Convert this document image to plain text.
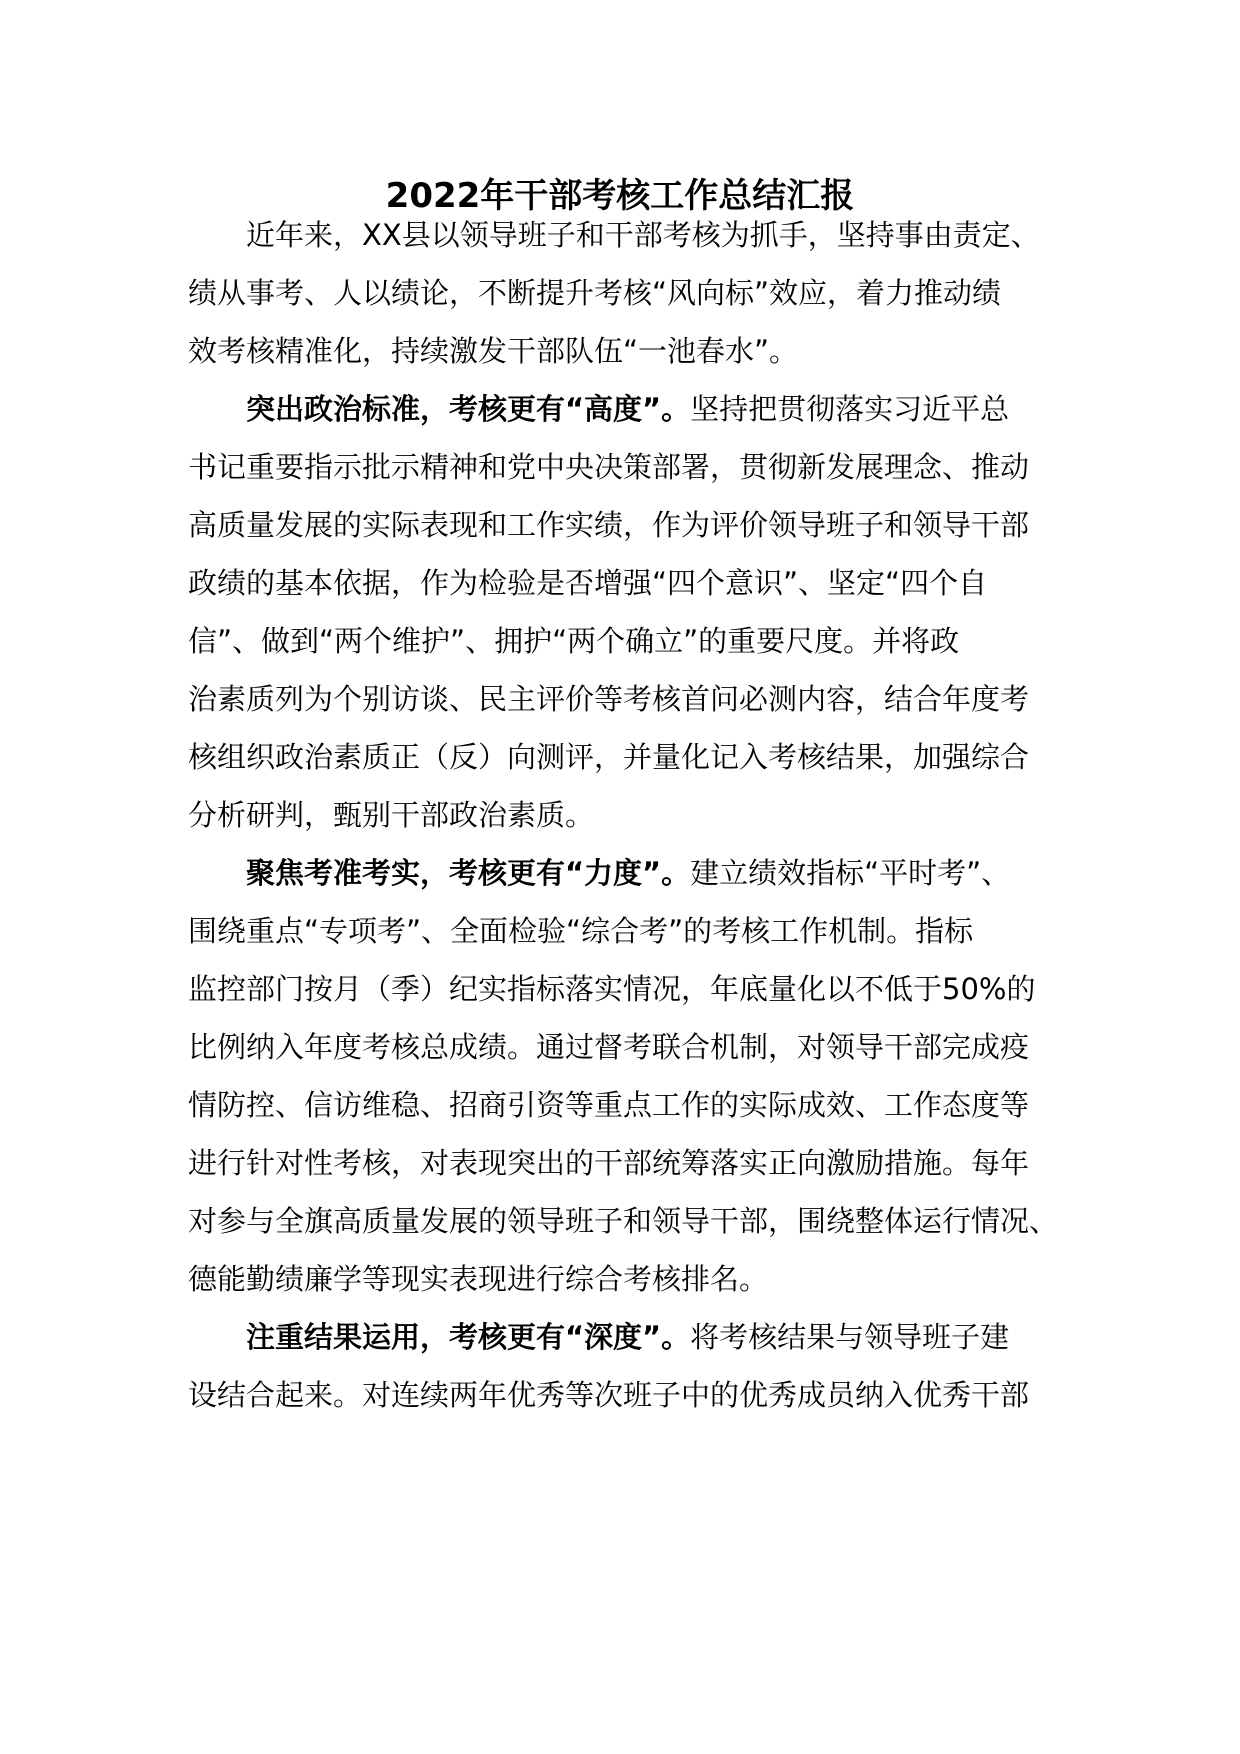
2022年干部考核工作总结汇报

近年来，XX县以领导班子和干部考核为抓手，坚持事由责定、

绩从事考、人以绩论，不断提升考核“风向标”效应，着力推动绩

效考核精准化，持续激发干部队伍“一池春水”。

突出政治标准，考核更有“高度”。坚持把贯彻落实习近平总

书记重要指示批示精神和党中央决策部署，贯彻新发展理念、推动

高质量发展的实际表现和工作实绩，作为评价领导班子和领导干部

政绩的基本依据，作为检验是否增强“四个意识”、坚定“四个自

信”、做到“两个维护”、拥护“两个确立”的重要尺度。并将政

治素质列为个别访谈、民主评价等考核首问必测内容，结合年度考

核组织政治素质正（反）向测评，并量化记入考核结果，加强综合

分析研判，甄别干部政治素质。

聚焦考准考实，考核更有“力度”。建立绩效指标“平时考”、

围绕重点“专项考”、全面检验“综合考”的考核工作机制。指标

监控部门按月（季）纪实指标落实情况，年底量化以不低于50%的

比例纳入年度考核总成绩。通过督考联合机制，对领导干部完成疫

情防控、信访维稳、招商引资等重点工作的实际成效、工作态度等

进行针对性考核，对表现突出的干部统筹落实正向激励措施。每年

对参与全旗高质量发展的领导班子和领导干部，围绕整体运行情况、

德能勤绩廉学等现实表现进行综合考核排名。

注重结果运用，考核更有“深度”。将考核结果与领导班子建

设结合起来。对连续两年优秀等次班子中的优秀成员纳入优秀干部
